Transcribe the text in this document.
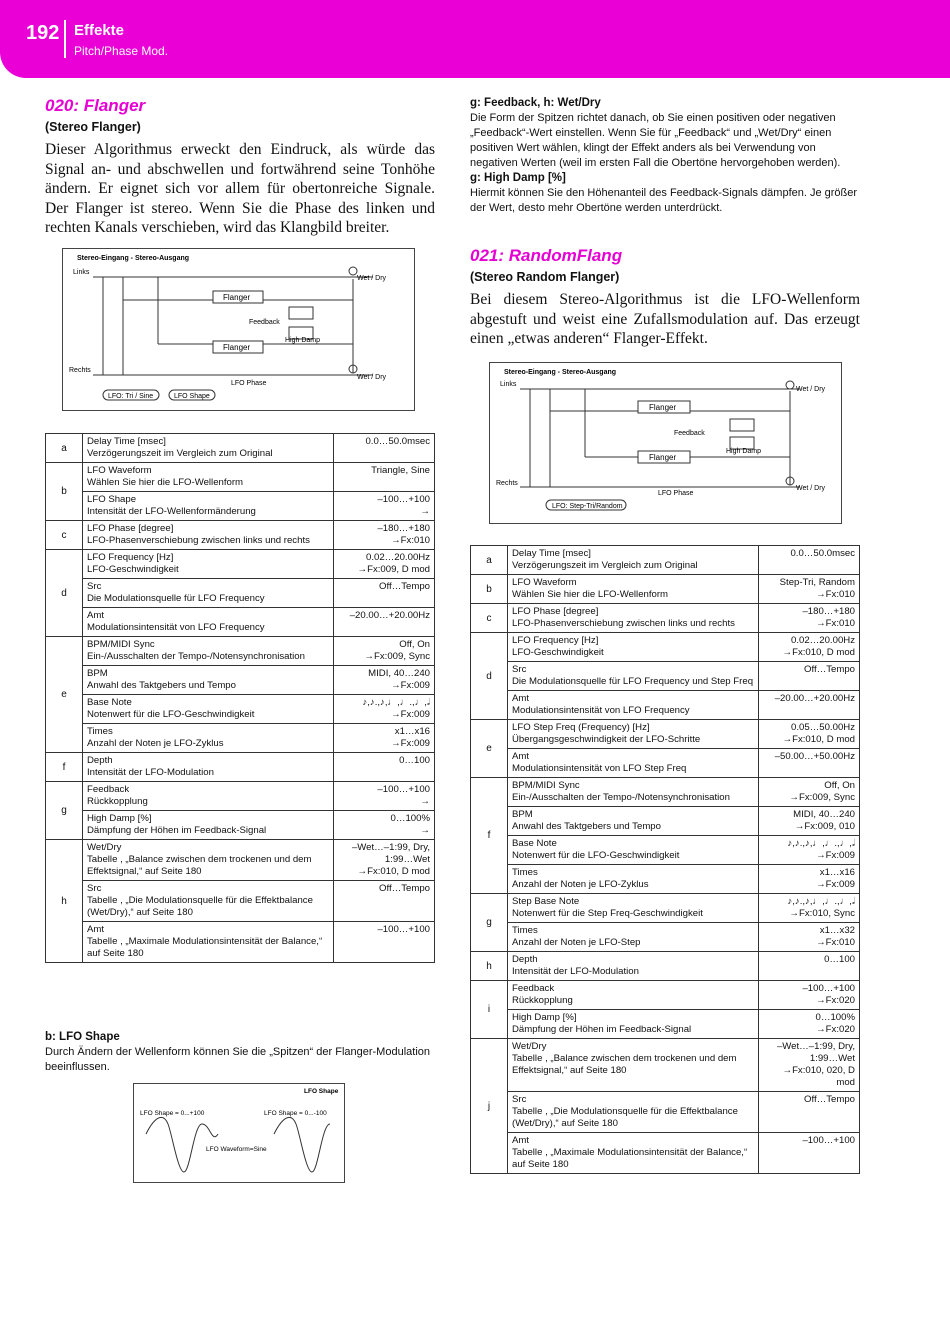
192 Effekte
Pitch/Phase Mod.

020: Flanger

(Stereo Flanger)

Dieser Algorithmus erweckt den Eindruck, als würde das Signal an- und abschwellen und fortwährend seine Tonhöhe ändern. Er eignet sich vor allem für obertonreiche Signale. Der Flanger ist stereo. Wenn Sie die Phase des linken und rechten Kanals verschieben, wird das Klangbild breiter.

Stereo-Eingang - Stereo-Ausgang
Links
Rechts
Flanger
Flanger
Feedback
High Damp
Wet / Dry
Wet / Dry
LFO Phase
LFO: Tri / Sine	LFO Shape
a	Delay Time [msec]
Verzögerungszeit im Vergleich zum Original	0.0…50.0msec

b	LFO Waveform
Wählen Sie hier die LFO-Wellenform	Triangle, Sine

	LFO Shape
Intensität der LFO-Wellenformänderung	–100…+100
→

c	LFO Phase [degree]
LFO-Phasenverschiebung zwischen links und rechts	–180…+180
→Fx:010

d	LFO Frequency [Hz]
LFO-Geschwindigkeit	0.02…20.00Hz
→Fx:009, D mod

	Src
Die Modulationsquelle für LFO Frequency	Off…Tempo

	Amt
Modulationsintensität von LFO Frequency	–20.00…+20.00Hz

e	BPM/MIDI Sync
Ein-/Ausschalten der Tempo-/Notensynchronisation	Off, On
→Fx:009, Sync

	BPM
Anwahl des Taktgebers und Tempo	MIDI, 40…240
→Fx:009

	Base Note
Notenwert für die LFO-Geschwindigkeit	♪,♪.,♪,♩,♩.,♩,𝅗𝅥
→Fx:009

	Times
Anzahl der Noten je LFO-Zyklus	x1…x16
→Fx:009

f	Depth
Intensität der LFO-Modulation	0…100

g	Feedback
Rückkopplung	–100…+100
→

	High Damp [%]
Dämpfung der Höhen im Feedback-Signal	0…100%
→

h	Wet/Dry
Tabelle , „Balance zwischen dem trockenen und dem Effektsignal,“ auf Seite 180	–Wet…–1:99, Dry, 1:99…Wet
→Fx:010, D mod

	Src
Tabelle , „Die Modulationsquelle für die Effektbalance (Wet/Dry),“ auf Seite 180	Off…Tempo

	Amt
Tabelle , „Maximale Modulationsintensität der Balance,“ auf Seite 180	–100…+100
b: LFO Shape
Durch Ändern der Wellenform können Sie die „Spitzen“ der Flanger-Modulation beeinflussen.
LFO Shape
LFO Shape = 0...+100	LFO Shape = 0...-100
LFO Waveform=Sine
g: Feedback, h: Wet/Dry
Die Form der Spitzen richtet danach, ob Sie einen positiven oder negativen „Feedback“-Wert einstellen. Wenn Sie für „Feedback“ und „Wet/Dry“ einen positiven Wert wählen, klingt der Effekt anders als bei Verwendung von negativen Werten (weil im ersten Fall die Obertöne hervorgehoben werden).
g: High Damp [%]
Hiermit können Sie den Höhenanteil des Feedback-Signals dämpfen. Je größer der Wert, desto mehr Obertöne werden unterdrückt.

021: RandomFlang

(Stereo Random Flanger)

Bei diesem Stereo-Algorithmus ist die LFO-Wellenform abgestuft und weist eine Zufallsmodulation auf. Das erzeugt einen „etwas anderen“ Flanger-Effekt.

Stereo-Eingang - Stereo-Ausgang
Links
Rechts
Flanger
Flanger
Feedback
High Damp
Wet / Dry
Wet / Dry
LFO Phase
LFO: Step-Tri/Random
a	Delay Time [msec]
Verzögerungszeit im Vergleich zum Original	0.0…50.0msec

b	LFO Waveform
Wählen Sie hier die LFO-Wellenform	Step-Tri, Random
→Fx:010

c	LFO Phase [degree]
LFO-Phasenverschiebung zwischen links und rechts	–180…+180
→Fx:010

d	LFO Frequency [Hz]
LFO-Geschwindigkeit	0.02…20.00Hz
→Fx:010, D mod

	Src
Die Modulationsquelle für LFO Frequency und Step Freq	Off…Tempo

	Amt
Modulationsintensität von LFO Frequency	–20.00…+20.00Hz

e	LFO Step Freq (Frequency) [Hz]
Übergangsgeschwindigkeit der LFO-Schritte	0.05…50.00Hz
→Fx:010, D mod

	Amt
Modulationsintensität von LFO Step Freq	–50.00…+50.00Hz

f	BPM/MIDI Sync
Ein-/Ausschalten der Tempo-/Notensynchronisation	Off, On
→Fx:009, Sync

	BPM
Anwahl des Taktgebers und Tempo	MIDI, 40…240
→Fx:009, 010

	Base Note
Notenwert für die LFO-Geschwindigkeit	♪,♪.,♪,♩,♩.,♩,𝅗𝅥
→Fx:009

	Times
Anzahl der Noten je LFO-Zyklus	x1…x16
→Fx:009

g	Step Base Note
Notenwert für die Step Freq-Geschwindigkeit	♪,♪.,♪,♩,♩.,♩,𝅗𝅥
→Fx:010, Sync

	Times
Anzahl der Noten je LFO-Step	x1…x32
→Fx:010

h	Depth
Intensität der LFO-Modulation	0…100

i	Feedback
Rückkopplung	–100…+100
→Fx:020

	High Damp [%]
Dämpfung der Höhen im Feedback-Signal	0…100%
→Fx:020

j	Wet/Dry
Tabelle , „Balance zwischen dem trockenen und dem Effektsignal,“ auf Seite 180	–Wet…–1:99, Dry, 1:99…Wet
→Fx:010, 020, D mod

	Src
Tabelle , „Die Modulationsquelle für die Effektbalance (Wet/Dry),“ auf Seite 180	Off…Tempo

	Amt
Tabelle , „Maximale Modulationsintensität der Balance,“ auf Seite 180	–100…+100
